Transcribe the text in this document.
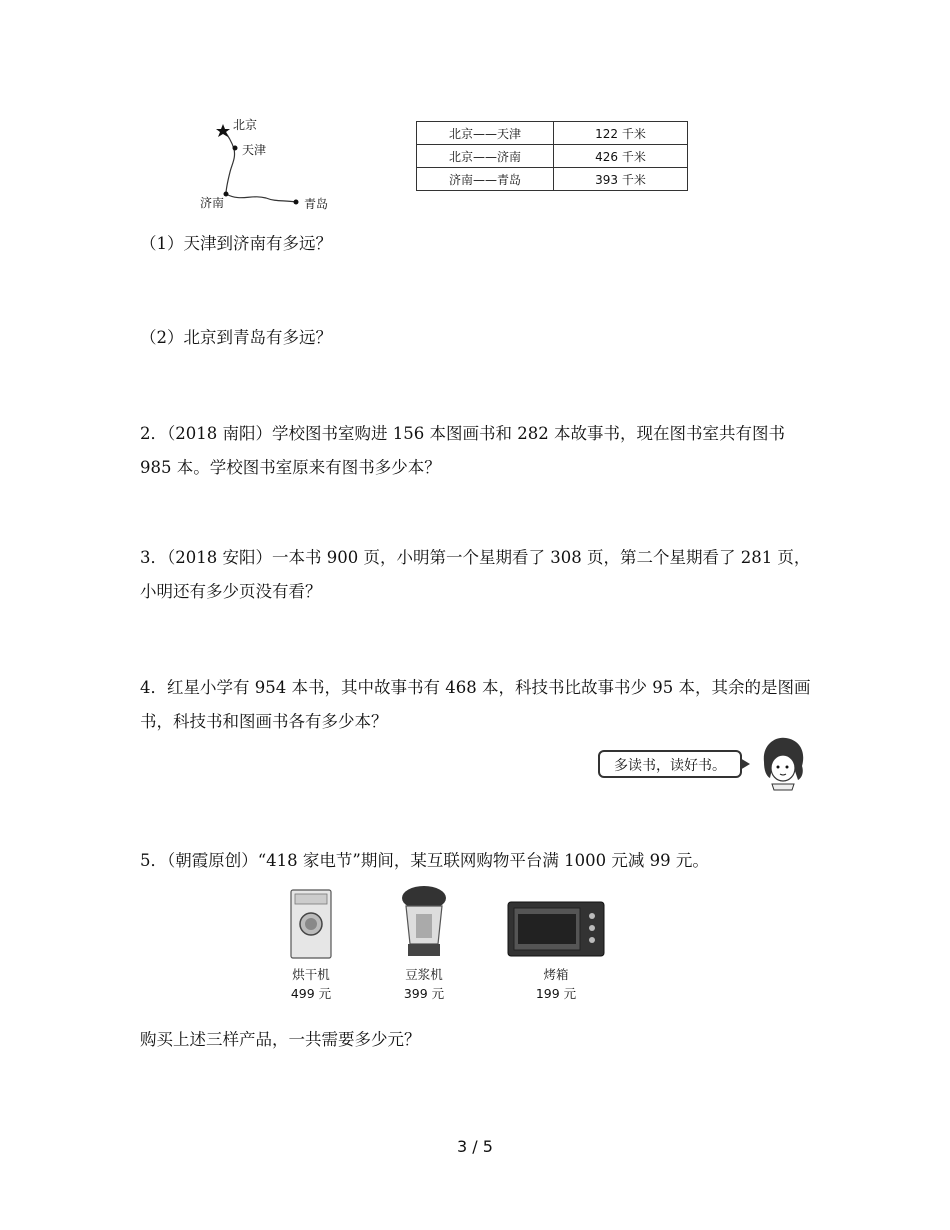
北京
天津
济南	青岛
北京——天津	122 千米
北京——济南	426 千米
济南——青岛	393 千米
（1）天津到济南有多远？
（2）北京到青岛有多远？
2．（2018 南阳）学校图书室购进 156 本图画书和 282 本故事书，现在图书室共有图书 985 本。学校图书室原来有图书多少本？
3．（2018 安阳）一本书 900 页，小明第一个星期看了 308 页，第二个星期看了 281 页，小明还有多少页没有看？
4．红星小学有 954 本书，其中故事书有 468 本，科技书比故事书少 95 本，其余的是图画书，科技书和图画书各有多少本？
多读书，读好书。
5．（朝霞原创）“418 家电节”期间，某互联网购物平台满 1000 元减 99 元。
烘干机
499 元
豆浆机
399 元
烤箱
199 元
购买上述三样产品，一共需要多少元？
3 / 5
